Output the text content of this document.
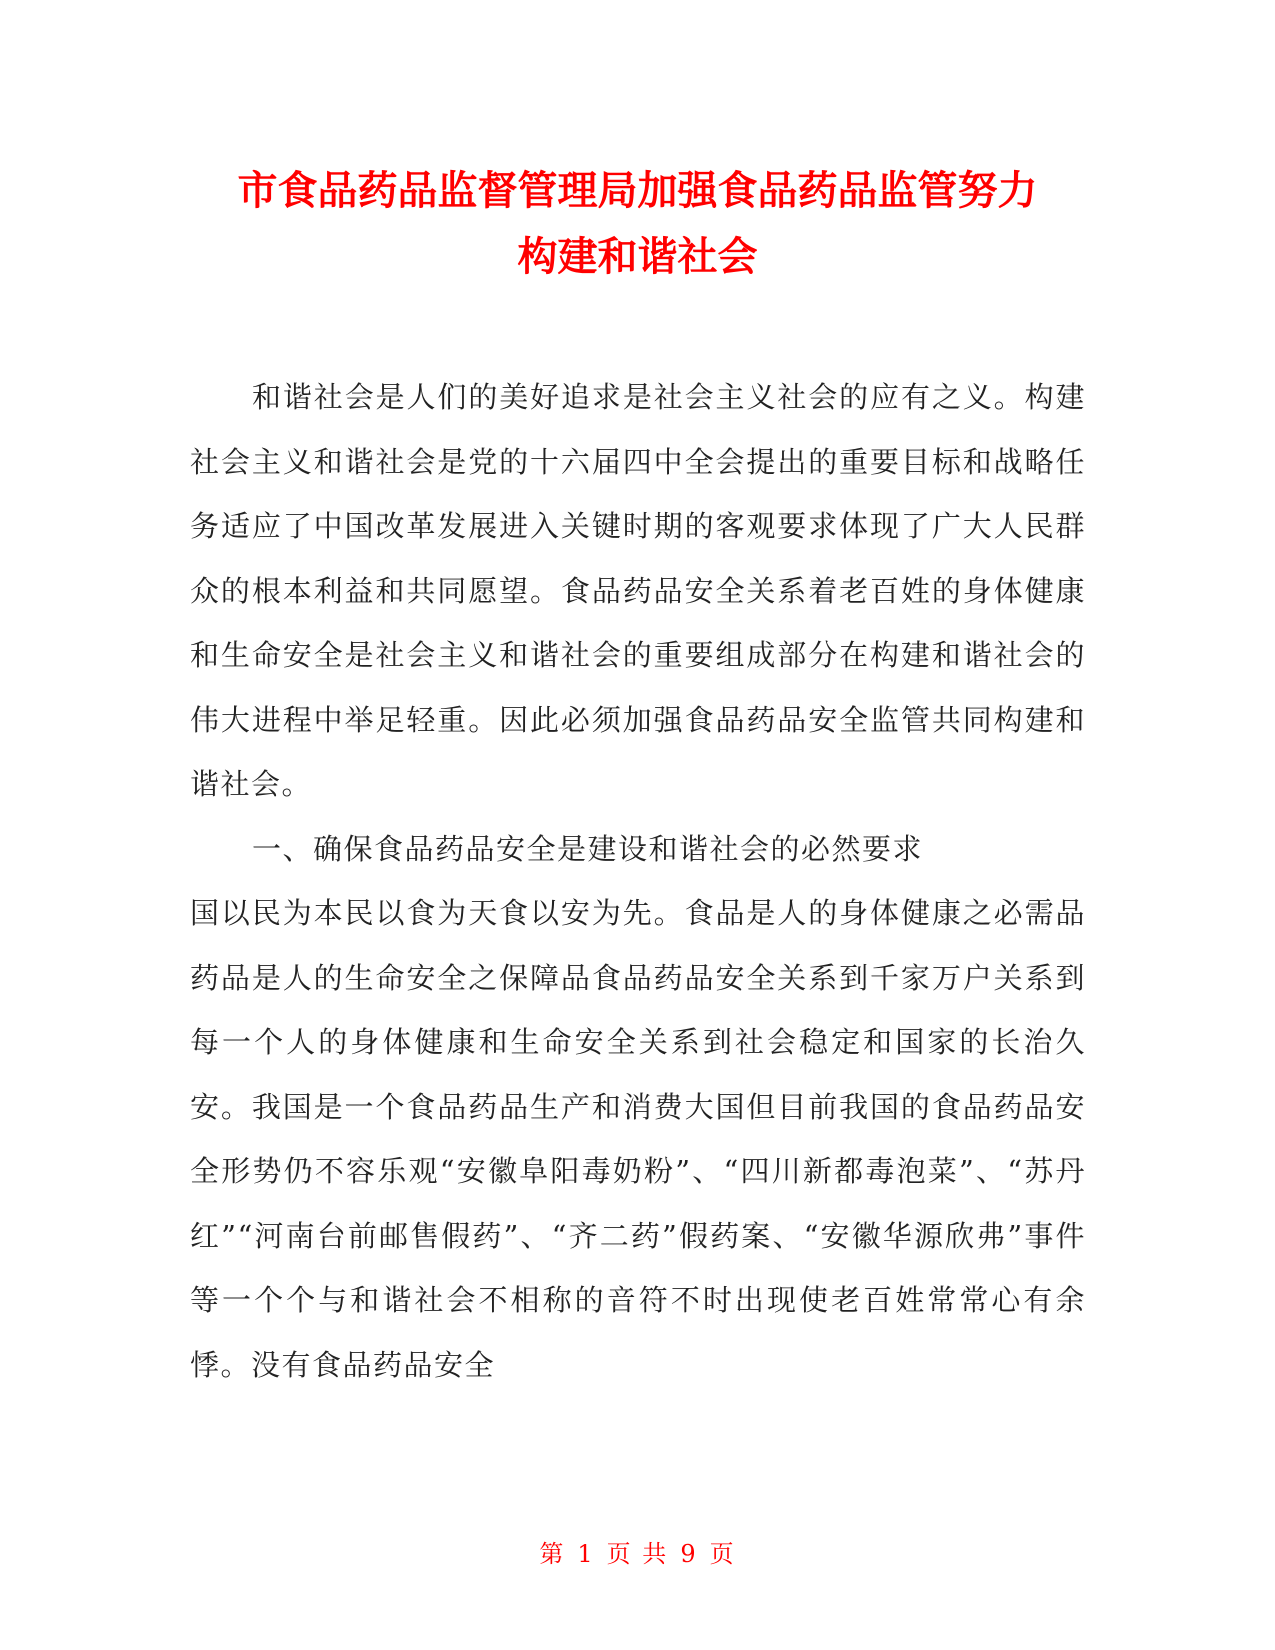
市食品药品监督管理局加强食品药品监管努力
构建和谐社会

和谐社会是人们的美好追求是社会主义社会的应有之义。构建社会主义和谐社会是党的十六届四中全会提出的重要目标和战略任务适应了中国改革发展进入关键时期的客观要求体现了广大人民群众的根本利益和共同愿望。食品药品安全关系着老百姓的身体健康和生命安全是社会主义和谐社会的重要组成部分在构建和谐社会的伟大进程中举足轻重。因此必须加强食品药品安全监管共同构建和谐社会。

一、确保食品药品安全是建设和谐社会的必然要求

国以民为本民以食为天食以安为先。食品是人的身体健康之必需品药品是人的生命安全之保障品食品药品安全关系到千家万户关系到每一个人的身体健康和生命安全关系到社会稳定和国家的长治久安。我国是一个食品药品生产和消费大国但目前我国的食品药品安全形势仍不容乐观“安徽阜阳毒奶粉”、“四川新都毒泡菜”、“苏丹红”“河南台前邮售假药”、“齐二药”假药案、“安徽华源欣弗”事件等一个个与和谐社会不相称的音符不时出现使老百姓常常心有余悸。没有食品药品安全

第 1 页 共 9 页
